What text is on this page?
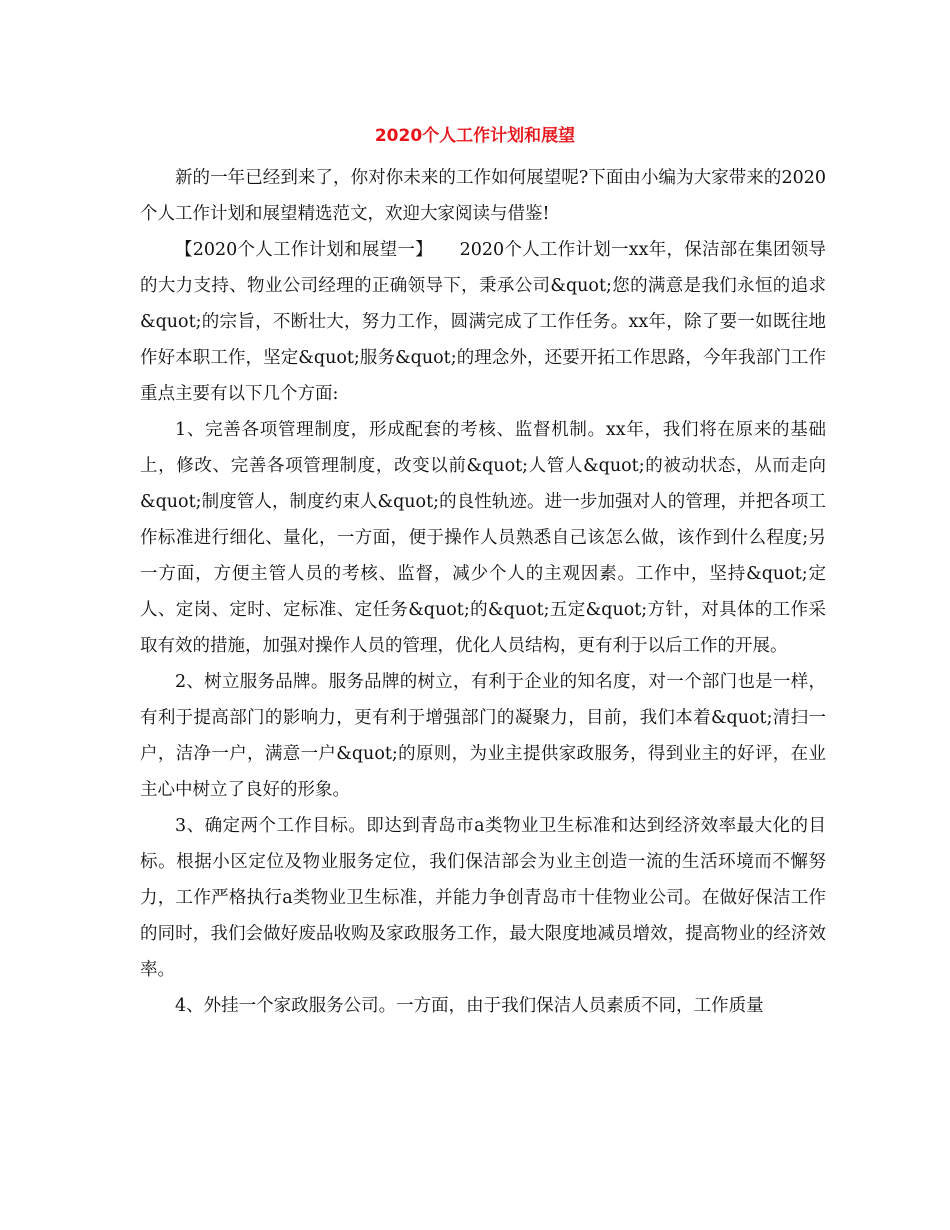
2020个人工作计划和展望

新的一年已经到来了，你对你未来的工作如何展望呢?下面由小编为大家带来的2020个人工作计划和展望精选范文，欢迎大家阅读与借鉴!

【2020个人工作计划和展望一】　　2020个人工作计划一xx年，保洁部在集团领导的大力支持、物业公司经理的正确领导下，秉承公司&quot;您的满意是我们永恒的追求&quot;的宗旨，不断壮大，努力工作，圆满完成了工作任务。xx年，除了要一如既往地作好本职工作，坚定&quot;服务&quot;的理念外，还要开拓工作思路，今年我部门工作重点主要有以下几个方面:

1、完善各项管理制度，形成配套的考核、监督机制。xx年，我们将在原来的基础上，修改、完善各项管理制度，改变以前&quot;人管人&quot;的被动状态，从而走向&quot;制度管人，制度约束人&quot;的良性轨迹。进一步加强对人的管理，并把各项工作标准进行细化、量化，一方面，便于操作人员熟悉自己该怎么做，该作到什么程度;另一方面，方便主管人员的考核、监督，减少个人的主观因素。工作中，坚持&quot;定人、定岗、定时、定标准、定任务&quot;的&quot;五定&quot;方针，对具体的工作采取有效的措施，加强对操作人员的管理，优化人员结构，更有利于以后工作的开展。

2、树立服务品牌。服务品牌的树立，有利于企业的知名度，对一个部门也是一样，有利于提高部门的影响力，更有利于增强部门的凝聚力，目前，我们本着&quot;清扫一户，洁净一户，满意一户&quot;的原则，为业主提供家政服务，得到业主的好评，在业主心中树立了良好的形象。

3、确定两个工作目标。即达到青岛市a类物业卫生标准和达到经济效率最大化的目标。根据小区定位及物业服务定位，我们保洁部会为业主创造一流的生活环境而不懈努力，工作严格执行a类物业卫生标准，并能力争创青岛市十佳物业公司。在做好保洁工作的同时，我们会做好废品收购及家政服务工作，最大限度地减员增效，提高物业的经济效率。

4、外挂一个家政服务公司。一方面，由于我们保洁人员素质不同，工作质量
